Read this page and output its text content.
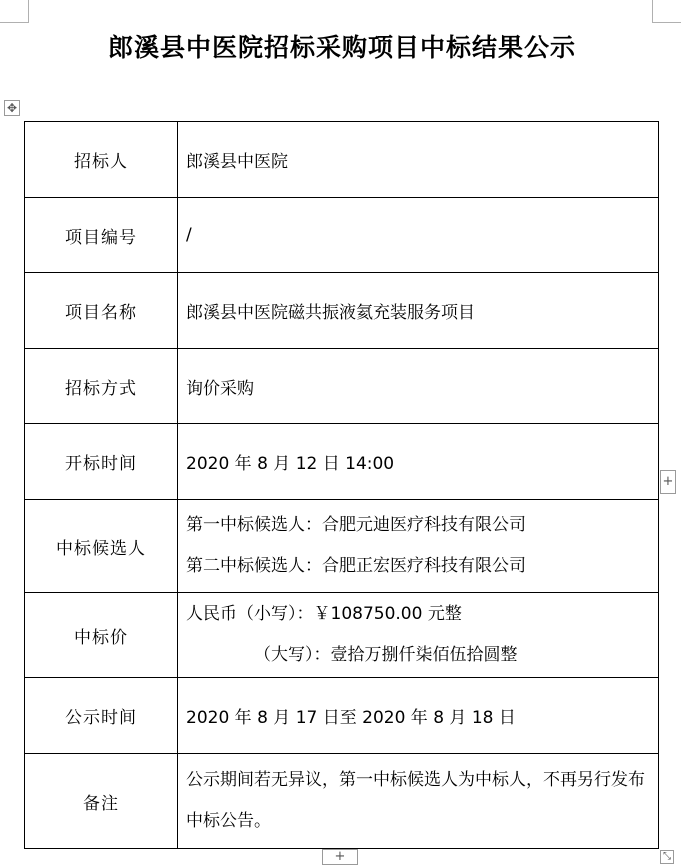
郎溪县中医院招标采购项目中标结果公示
✥
招标人	郎溪县中医院
项目编号	/
项目名称	郎溪县中医院磁共振液氦充装服务项目
招标方式	询价采购
开标时间	2020 年 8 月 12 日 14:00
中标候选人	第一中标候选人：合肥元迪医疗科技有限公司
第二中标候选人：合肥正宏医疗科技有限公司

中标价	人民币（小写）：￥108750.00 元整
（大写）：壹拾万捌仟柒佰伍拾圆整

公示时间	2020 年 8 月 17 日至 2020 年 8 月 18 日
备注	公示期间若无异议，第一中标候选人为中标人，不再另行发布中标公告。
+
+	⤡
